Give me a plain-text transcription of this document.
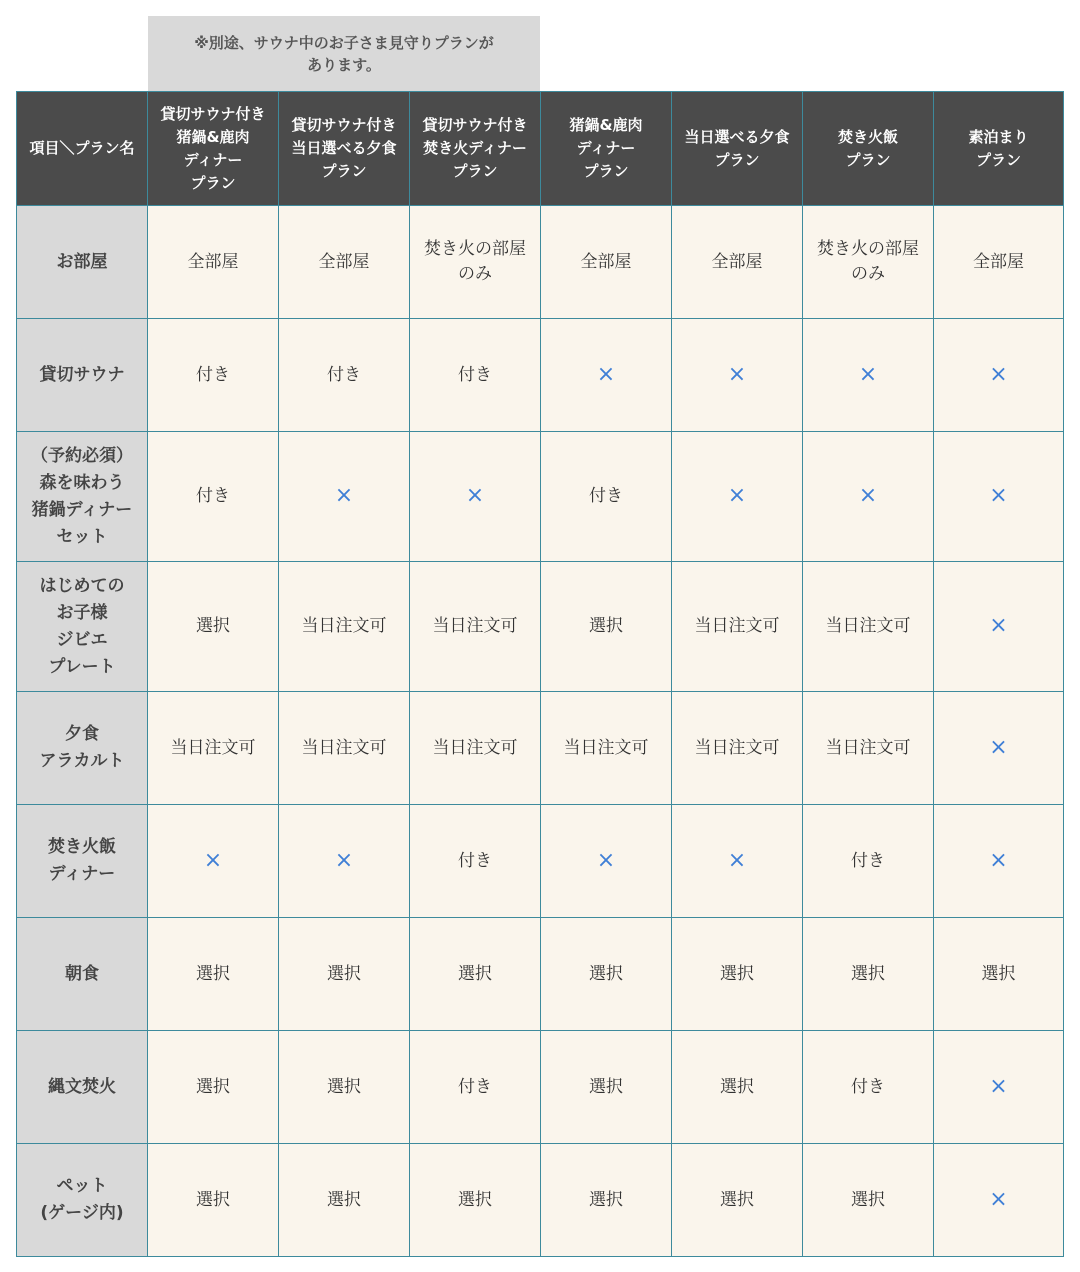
※別途、サウナ中のお子さま見守りプランが
あります。
項目＼プラン名	貸切サウナ付き
猪鍋&鹿肉
ディナー
プラン	貸切サウナ付き
当日選べる夕食
プラン	貸切サウナ付き
焚き火ディナー
プラン	猪鍋&鹿肉
ディナー
プラン	当日選べる夕食
プラン	焚き火飯
プラン	素泊まり
プラン

お部屋	全部屋	全部屋	焚き火の部屋
のみ	全部屋	全部屋	焚き火の部屋
のみ	全部屋

貸切サウナ	付き	付き	付き	×	×	×	×

（予約必須）
森を味わう
猪鍋ディナー
セット	付き	×	×	付き	×	×	×

はじめての
お子様
ジビエ
プレート	選択	当日注文可	当日注文可	選択	当日注文可	当日注文可	×

夕食
アラカルト	当日注文可	当日注文可	当日注文可	当日注文可	当日注文可	当日注文可	×

焚き火飯
ディナー	×	×	付き	×	×	付き	×

朝食	選択	選択	選択	選択	選択	選択	選択

縄文焚火	選択	選択	付き	選択	選択	付き	×

ペット
(ゲージ内)	選択	選択	選択	選択	選択	選択	×
